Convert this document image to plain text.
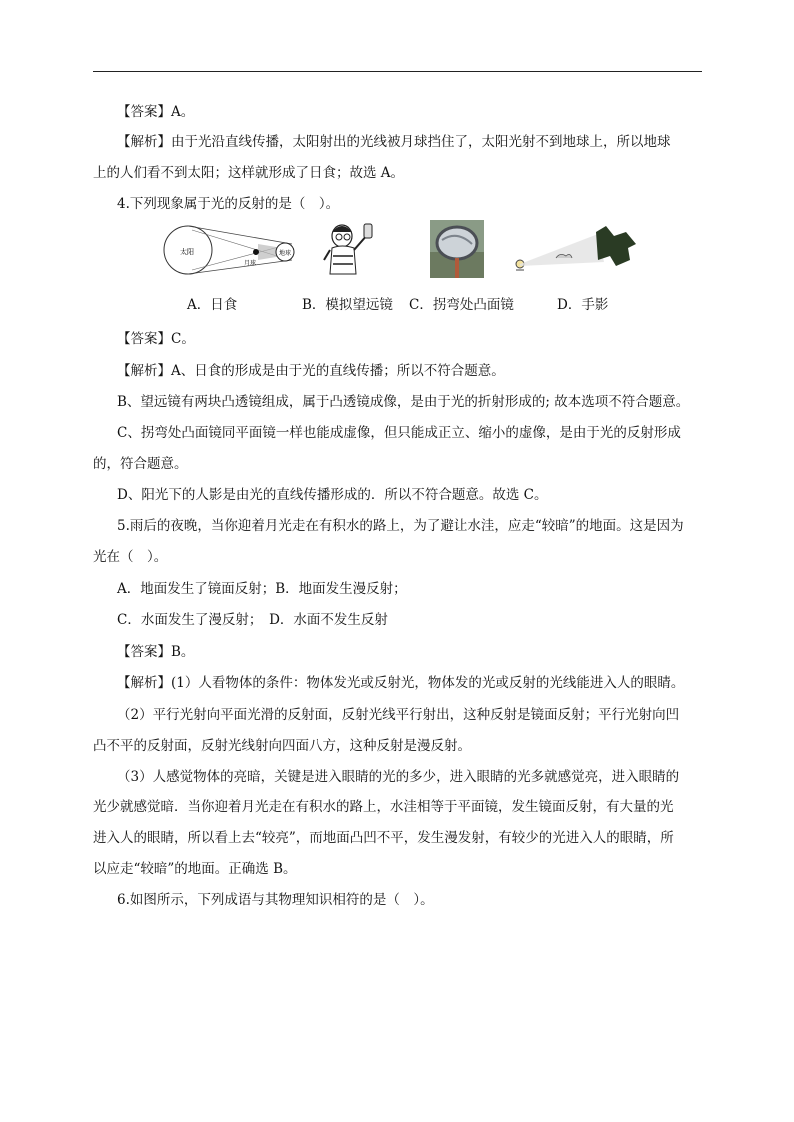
【答案】A。
【解析】由于光沿直线传播，太阳射出的光线被月球挡住了，太阳光射不到地球上，所以地球
上的人们看不到太阳；这样就形成了日食；故选 A。
4.下列现象属于光的反射的是（　）。
太阳
月球
地球
A．日食	B．模拟望远镜 C．拐弯处凸面镜	D．手影
【答案】C。
【解析】A、日食的形成是由于光的直线传播；所以不符合题意。
B、望远镜有两块凸透镜组成，属于凸透镜成像，是由于光的折射形成的; 故本选项不符合题意。
C、拐弯处凸面镜同平面镜一样也能成虚像，但只能成正立、缩小的虚像，是由于光的反射形成
的，符合题意。
D、阳光下的人影是由光的直线传播形成的．所以不符合题意。故选 C。
5.雨后的夜晚，当你迎着月光走在有积水的路上，为了避让水洼，应走“较暗”的地面。这是因为
光在（　）。
A．地面发生了镜面反射；B．地面发生漫反射；
C．水面发生了漫反射；　D．水面不发生反射
【答案】B。
【解析】(1）人看物体的条件：物体发光或反射光，物体发的光或反射的光线能进入人的眼睛。
（2）平行光射向平面光滑的反射面，反射光线平行射出，这种反射是镜面反射；平行光射向凹
凸不平的反射面，反射光线射向四面八方，这种反射是漫反射。
（3）人感觉物体的亮暗，关键是进入眼睛的光的多少，进入眼睛的光多就感觉亮，进入眼睛的
光少就感觉暗．当你迎着月光走在有积水的路上，水洼相等于平面镜，发生镜面反射，有大量的光
进入人的眼睛，所以看上去“较亮”，而地面凸凹不平，发生漫发射，有较少的光进入人的眼睛，所
以应走“较暗”的地面。正确选 B。
6.如图所示，下列成语与其物理知识相符的是（　）。
